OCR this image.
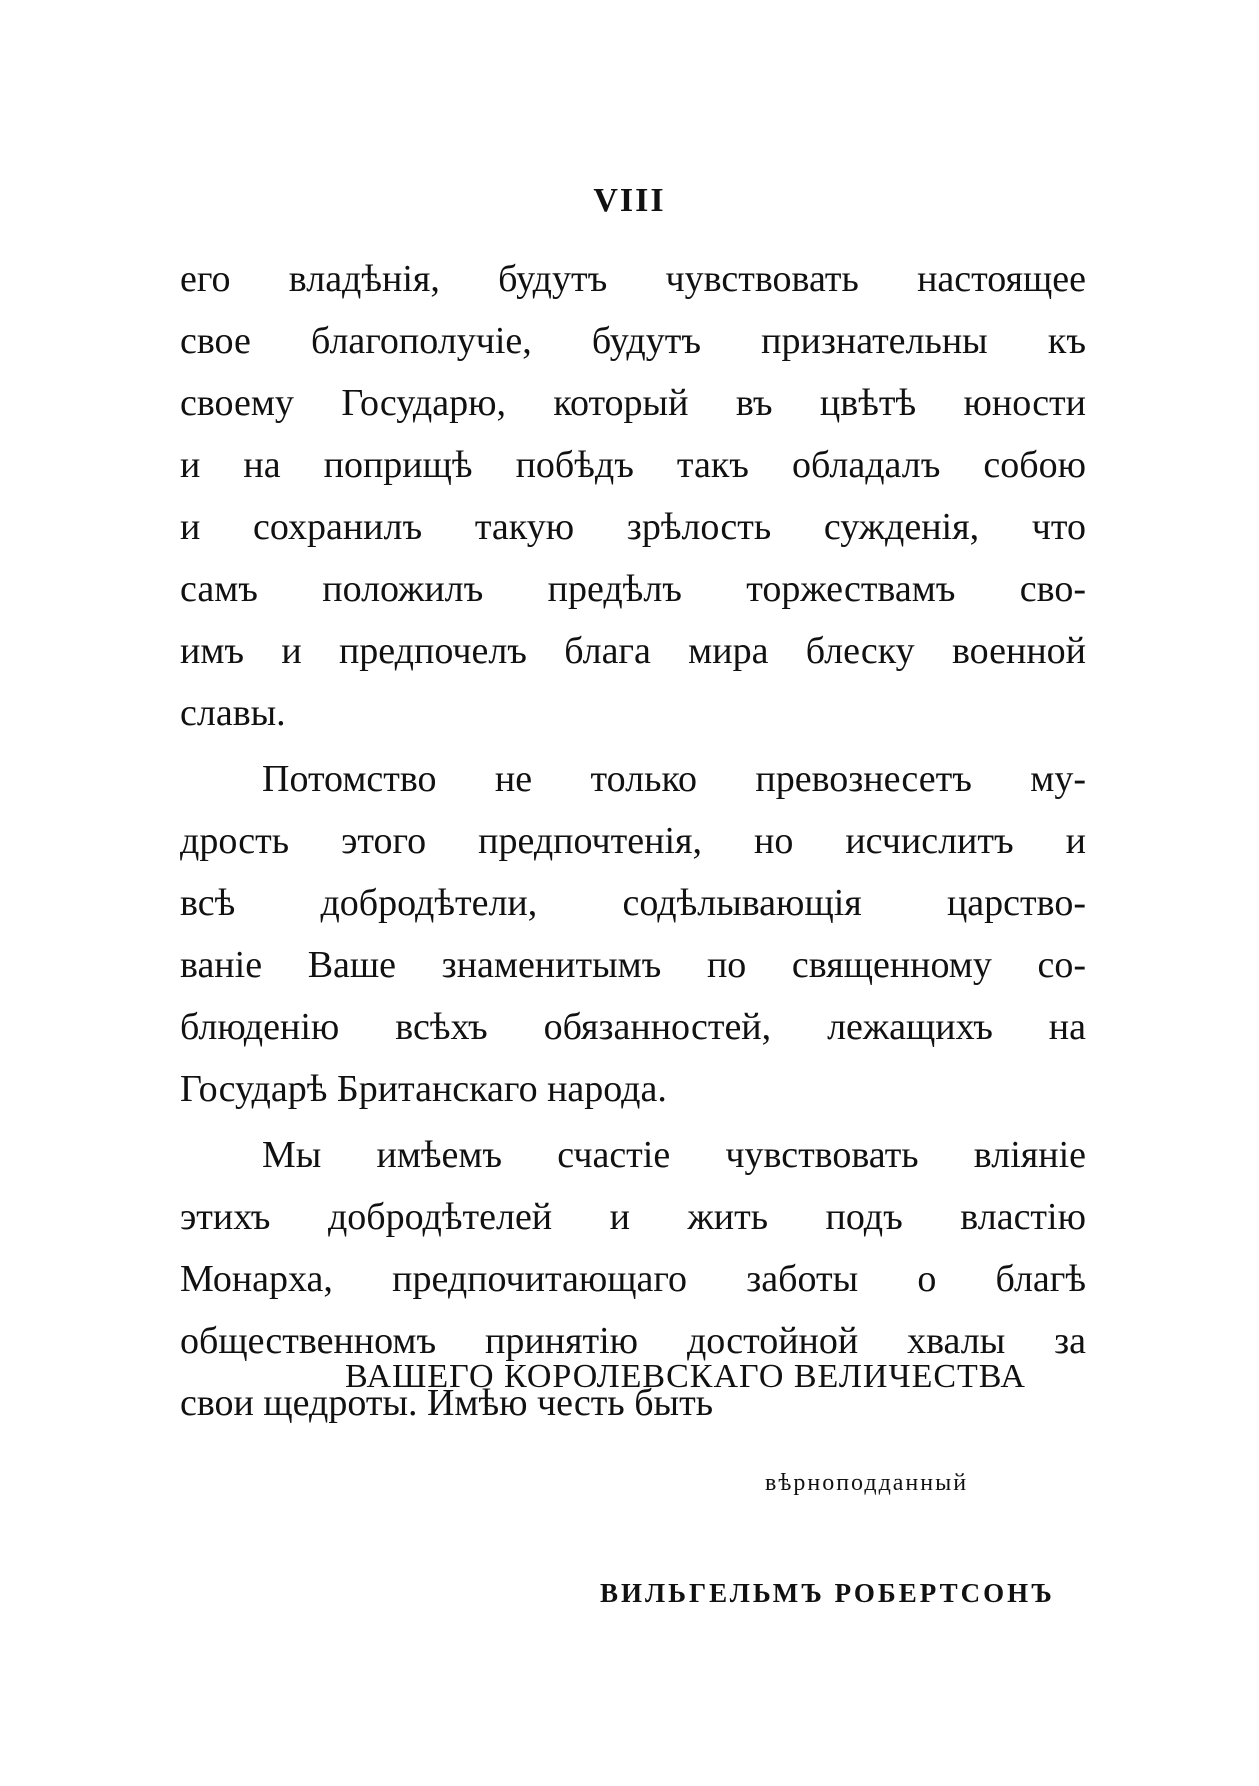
VIII
его владѣнія, будутъ чувствовать настоящее
свое благополучіе, будутъ признательны къ
своему Государю, который въ цвѣтѣ юности
и на поприщѣ побѣдъ такъ обладалъ собою
и сохранилъ такую зрѣлость сужденія, что
самъ положилъ предѣлъ торжествамъ сво-
имъ и предпочелъ блага мира блеску военной
славы.
Потомство не только превознесетъ му-
дрость этого предпочтенія, но исчислитъ и
всѣ добродѣтели, содѣлывающія царство-
ваніе Ваше знаменитымъ по священному со-
блюденію всѣхъ обязанностей, лежащихъ на
Государѣ Британскаго народа.
Мы имѣемъ счастіе чувствовать вліяніе
этихъ добродѣтелей и жить подъ властію
Монарха, предпочитающаго заботы о благѣ
общественномъ принятію достойной хвалы за
свои щедроты. Имѣю честь быть
ВАШЕГО КОРОЛЕВСКАГО ВЕЛИЧЕСТВА
вѣрноподданный
ВИЛЬГЕЛЬМЪ РОБЕРТСОНЪ
